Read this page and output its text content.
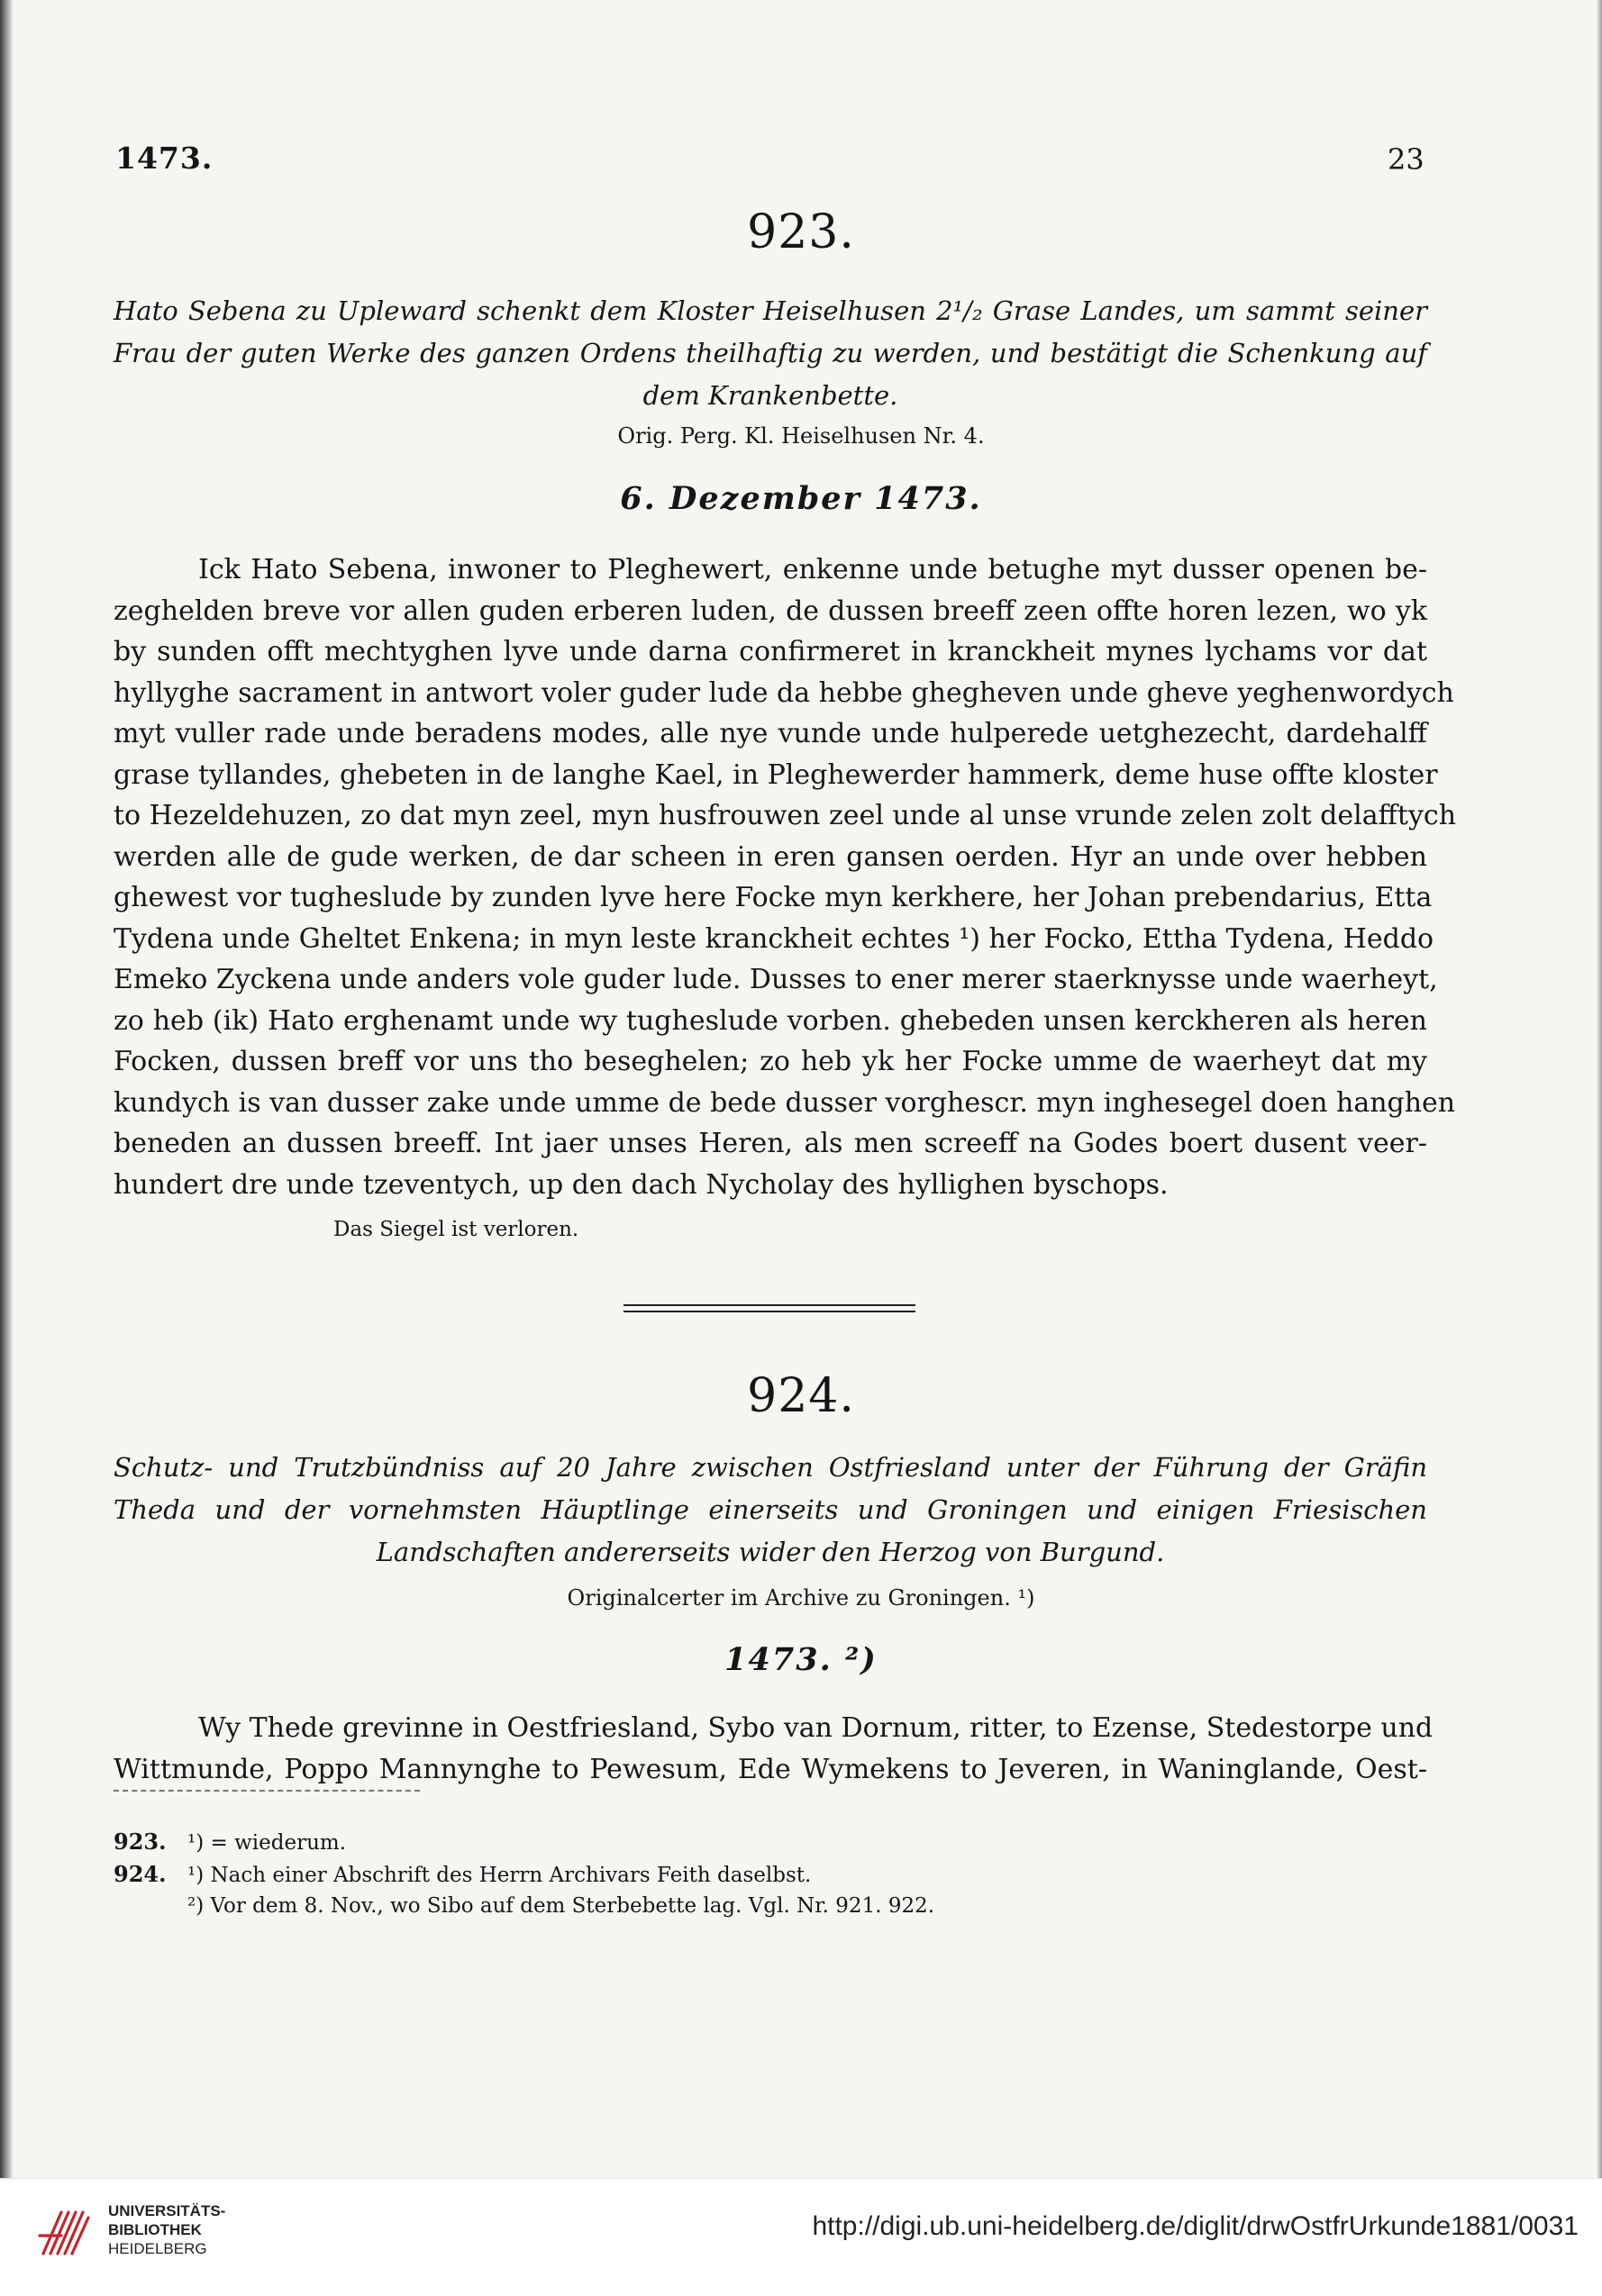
1473.	23
923.
Hato Sebena zu Upleward schenkt dem Kloster Heiselhusen 2¹/₂ Grase Landes, um sammt seiner Frau der guten Werke des ganzen Ordens theilhaftig zu werden, und bestätigt die Schenkung auf dem Krankenbette.
Orig. Perg. Kl. Heiselhusen Nr. 4.
6. Dezember 1473.
Ick Hato Sebena, inwoner to Pleghewert, enkenne unde betughe myt dusser openen be-
zeghelden breve vor allen guden erberen luden, de dussen breeff zeen offte horen lezen, wo yk
by sunden offt mechtyghen lyve unde darna confirmeret in kranckheit mynes lychams vor dat
hyllyghe sacrament in antwort voler guder lude da hebbe ghegheven unde gheve yeghenwordych
myt vuller rade unde beradens modes, alle nye vunde unde hulperede uetghezecht, dardehalff
grase tyllandes, ghebeten in de langhe Kael, in Pleghewerder hammerk, deme huse offte kloster
to Hezeldehuzen, zo dat myn zeel, myn husfrouwen zeel unde al unse vrunde zelen zolt delafftych
werden alle de gude werken, de dar scheen in eren gansen oerden. Hyr an unde over hebben
ghewest vor tugheslude by zunden lyve here Focke myn kerkhere, her Johan prebendarius, Etta
Tydena unde Gheltet Enkena; in myn leste kranckheit echtes ¹) her Focko, Ettha Tydena, Heddo
Emeko Zyckena unde anders vole guder lude. Dusses to ener merer staerknysse unde waerheyt,
zo heb (ik) Hato erghenamt unde wy tugheslude vorben. ghebeden unsen kerckheren als heren
Focken, dussen breff vor uns tho beseghelen; zo heb yk her Focke umme de waerheyt dat my
kundych is van dusser zake unde umme de bede dusser vorghescr. myn inghesegel doen hanghen
beneden an dussen breeff. Int jaer unses Heren, als men screeff na Godes boert dusent veer-
hundert dre unde tzeventych, up den dach Nycholay des hyllighen byschops.
Das Siegel ist verloren.
924.
Schutz- und Trutzbündniss auf 20 Jahre zwischen Ostfriesland unter der Führung der Gräfin Theda und der vornehmsten Häuptlinge einerseits und Groningen und einigen Friesischen Landschaften andererseits wider den Herzog von Burgund.
Originalcerter im Archive zu Groningen. ¹)
1473. ²)
Wy Thede grevinne in Oestfriesland, Sybo van Dornum, ritter, to Ezense, Stedestorpe und
Wittmunde, Poppo Mannynghe to Pewesum, Ede Wymekens to Jeveren, in Waninglande, Oest-
923. ¹) = wiederum.
924. ¹) Nach einer Abschrift des Herrn Archivars Feith daselbst.
²) Vor dem 8. Nov., wo Sibo auf dem Sterbebette lag. Vgl. Nr. 921. 922.
UNIVERSITÄTS-
BIBLIOTHEK
HEIDELBERG
http://digi.ub.uni-heidelberg.de/diglit/drwOstfrUrkunde1881/0031
